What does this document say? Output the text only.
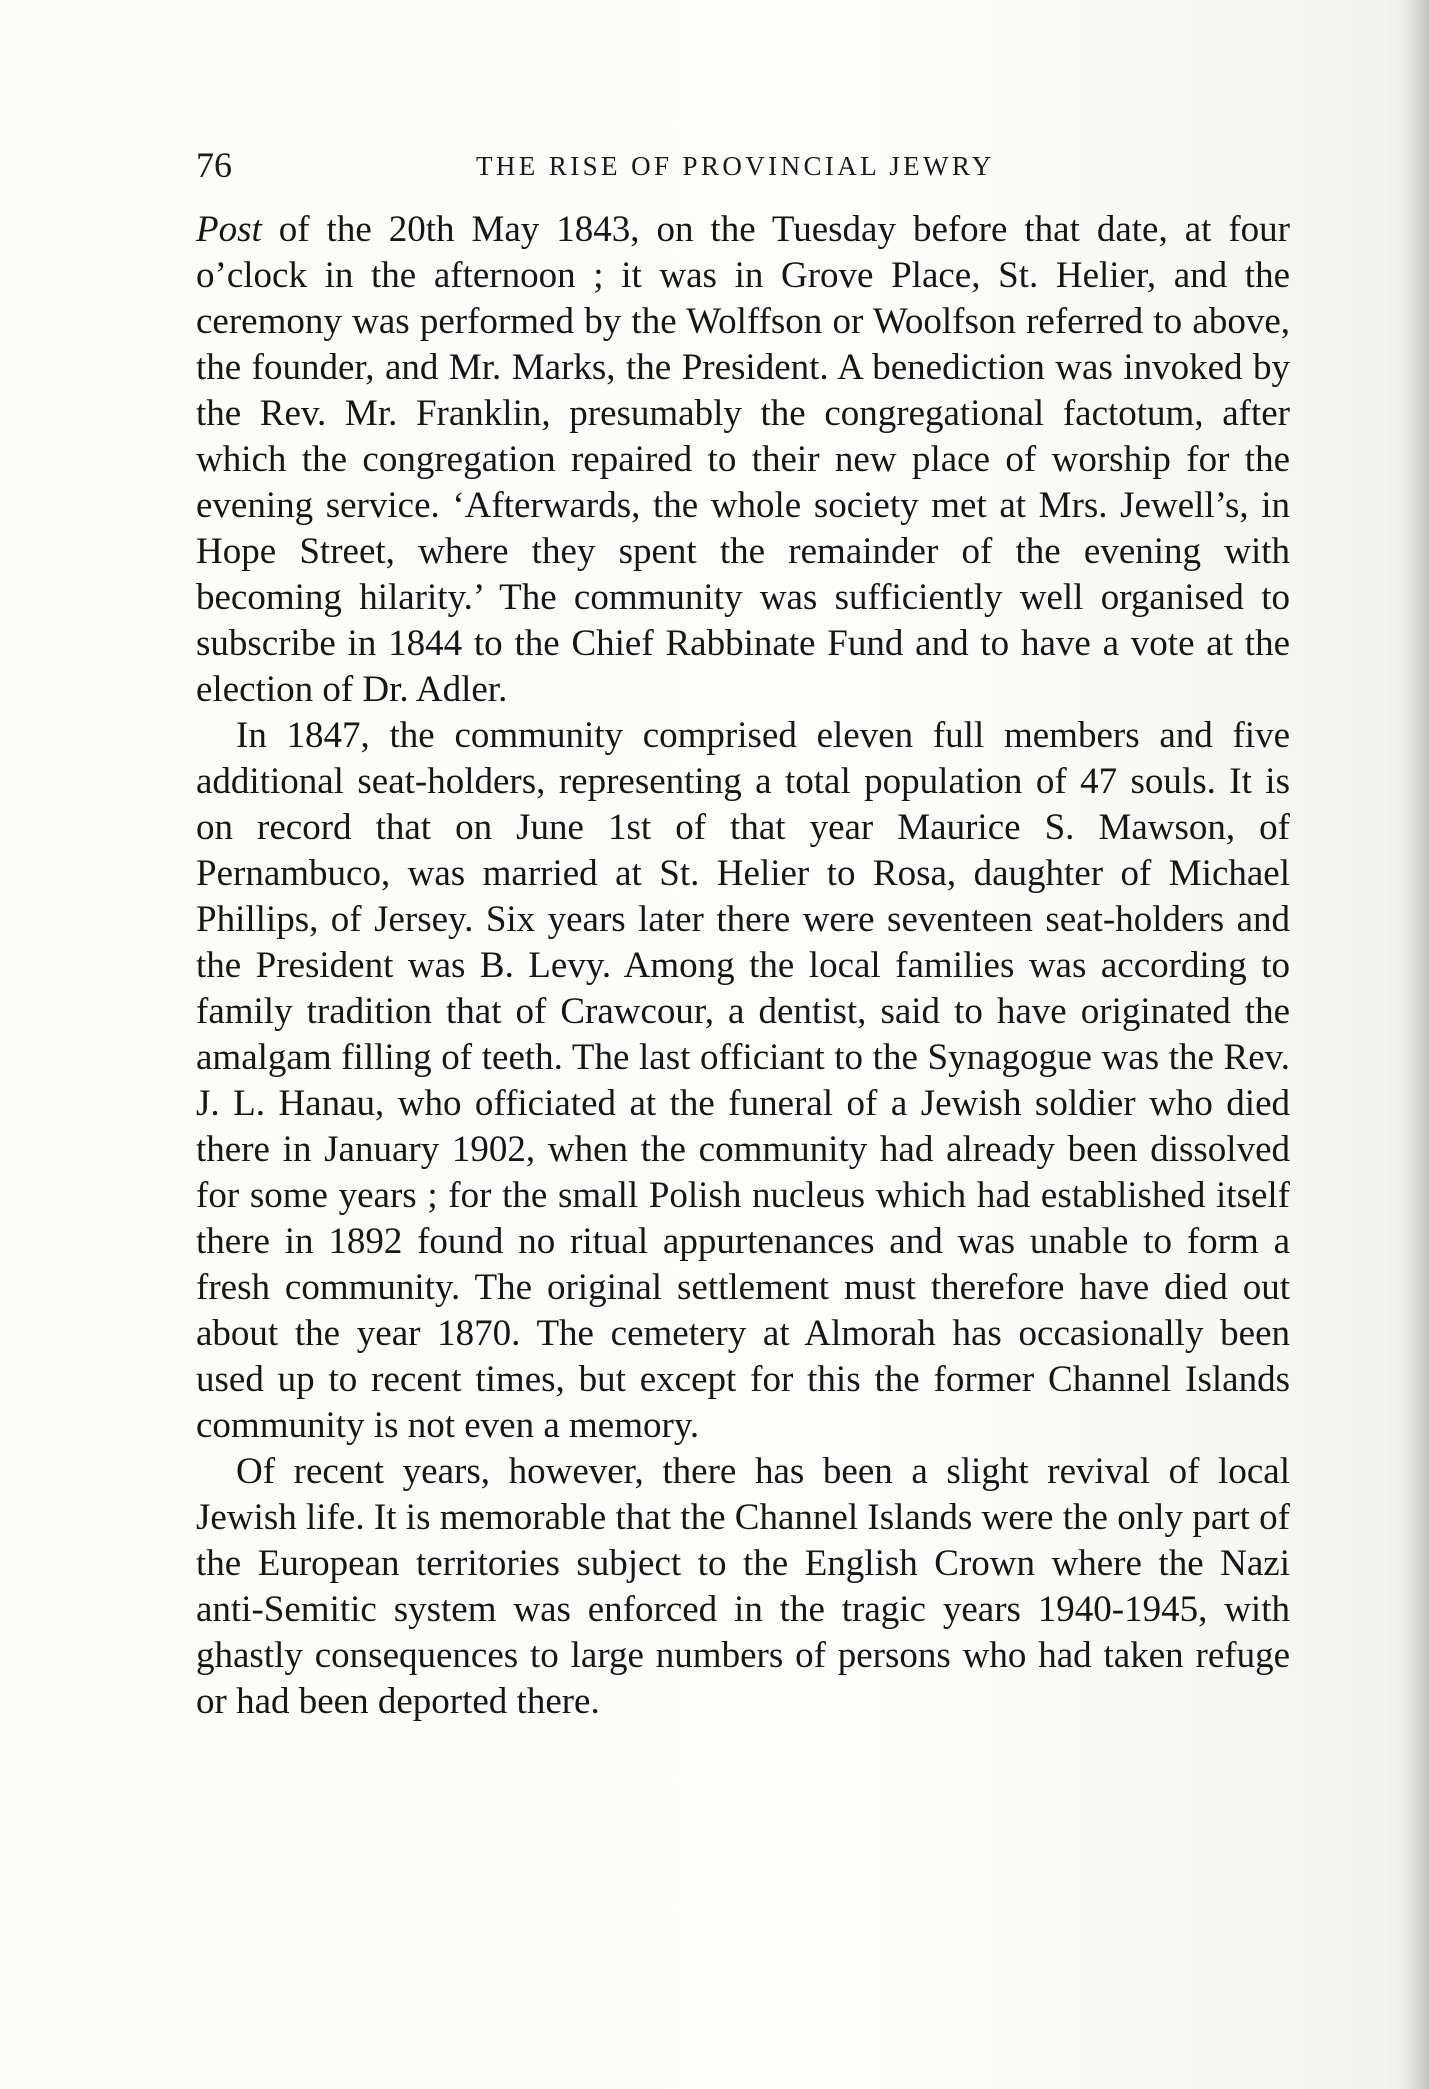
76	THE RISE OF PROVINCIAL JEWRY

Post of the 20th May 1843, on the Tuesday before that date, at four o’clock in the afternoon ; it was in Grove Place, St. Helier, and the ceremony was performed by the Wolffson or Woolfson referred to above, the founder, and Mr. Marks, the President. A benediction was invoked by the Rev. Mr. Franklin, presumably the congregational factotum, after which the congregation repaired to their new place of worship for the evening service. ‘Afterwards, the whole society met at Mrs. Jewell’s, in Hope Street, where they spent the remainder of the evening with becoming hilarity.’ The community was sufficiently well organised to subscribe in 1844 to the Chief Rabbinate Fund and to have a vote at the election of Dr. Adler.

In 1847, the community comprised eleven full members and five additional seat-holders, representing a total population of 47 souls. It is on record that on June 1st of that year Maurice S. Mawson, of Pernambuco, was married at St. Helier to Rosa, daughter of Michael Phillips, of Jersey. Six years later there were seventeen seat-holders and the President was B. Levy. Among the local families was according to family tradition that of Crawcour, a dentist, said to have originated the amalgam filling of teeth. The last officiant to the Synagogue was the Rev. J. L. Hanau, who officiated at the funeral of a Jewish soldier who died there in January 1902, when the community had already been dissolved for some years ; for the small Polish nucleus which had established itself there in 1892 found no ritual appurtenances and was unable to form a fresh community. The original settlement must therefore have died out about the year 1870. The cemetery at Almorah has occasionally been used up to recent times, but except for this the former Channel Islands community is not even a memory.

Of recent years, however, there has been a slight revival of local Jewish life. It is memorable that the Channel Islands were the only part of the European territories subject to the English Crown where the Nazi anti-Semitic system was enforced in the tragic years 1940-1945, with ghastly consequences to large numbers of persons who had taken refuge or had been deported there.
